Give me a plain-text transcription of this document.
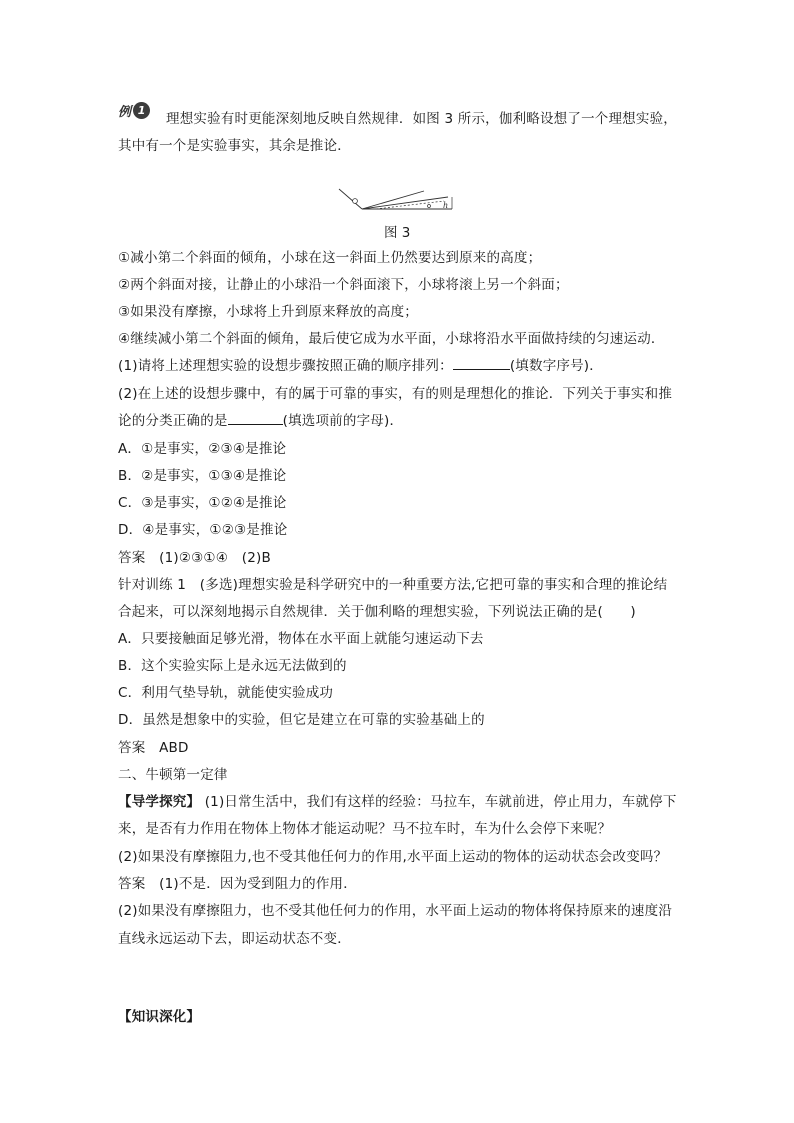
例 1
理想实验有时更能深刻地反映自然规律．如图 3 所示，伽利略设想了一个理想实验，
其中有一个是实验事实，其余是推论．
h
图 3
①减小第二个斜面的倾角，小球在这一斜面上仍然要达到原来的高度；
②两个斜面对接，让静止的小球沿一个斜面滚下，小球将滚上另一个斜面；
③如果没有摩擦，小球将上升到原来释放的高度；
④继续减小第二个斜面的倾角，最后使它成为水平面，小球将沿水平面做持续的匀速运动．
(1)请将上述理想实验的设想步骤按照正确的顺序排列：	(填数字序号)．
(2)在上述的设想步骤中，有的属于可靠的事实，有的则是理想化的推论．下列关于事实和推
论的分类正确的是	(填选项前的字母)．
A．①是事实，②③④是推论
B．②是事实，①③④是推论
C．③是事实，①②④是推论
D．④是事实，①②③是推论
答案　(1)②③①④　(2)B
针对训练 1　(多选)理想实验是科学研究中的一种重要方法,它把可靠的事实和合理的推论结
合起来，可以深刻地揭示自然规律．关于伽利略的理想实验，下列说法正确的是(　　)
A．只要接触面足够光滑，物体在水平面上就能匀速运动下去
B．这个实验实际上是永远无法做到的
C．利用气垫导轨，就能使实验成功
D．虽然是想象中的实验，但它是建立在可靠的实验基础上的
答案　ABD
二、牛顿第一定律
【导学探究】 (1)日常生活中，我们有这样的经验：马拉车，车就前进，停止用力，车就停下
来，是否有力作用在物体上物体才能运动呢？马不拉车时，车为什么会停下来呢？
(2)如果没有摩擦阻力,也不受其他任何力的作用,水平面上运动的物体的运动状态会改变吗？
答案　(1)不是．因为受到阻力的作用．
(2)如果没有摩擦阻力，也不受其他任何力的作用，水平面上运动的物体将保持原来的速度沿
直线永远运动下去，即运动状态不变．
【知识深化】
